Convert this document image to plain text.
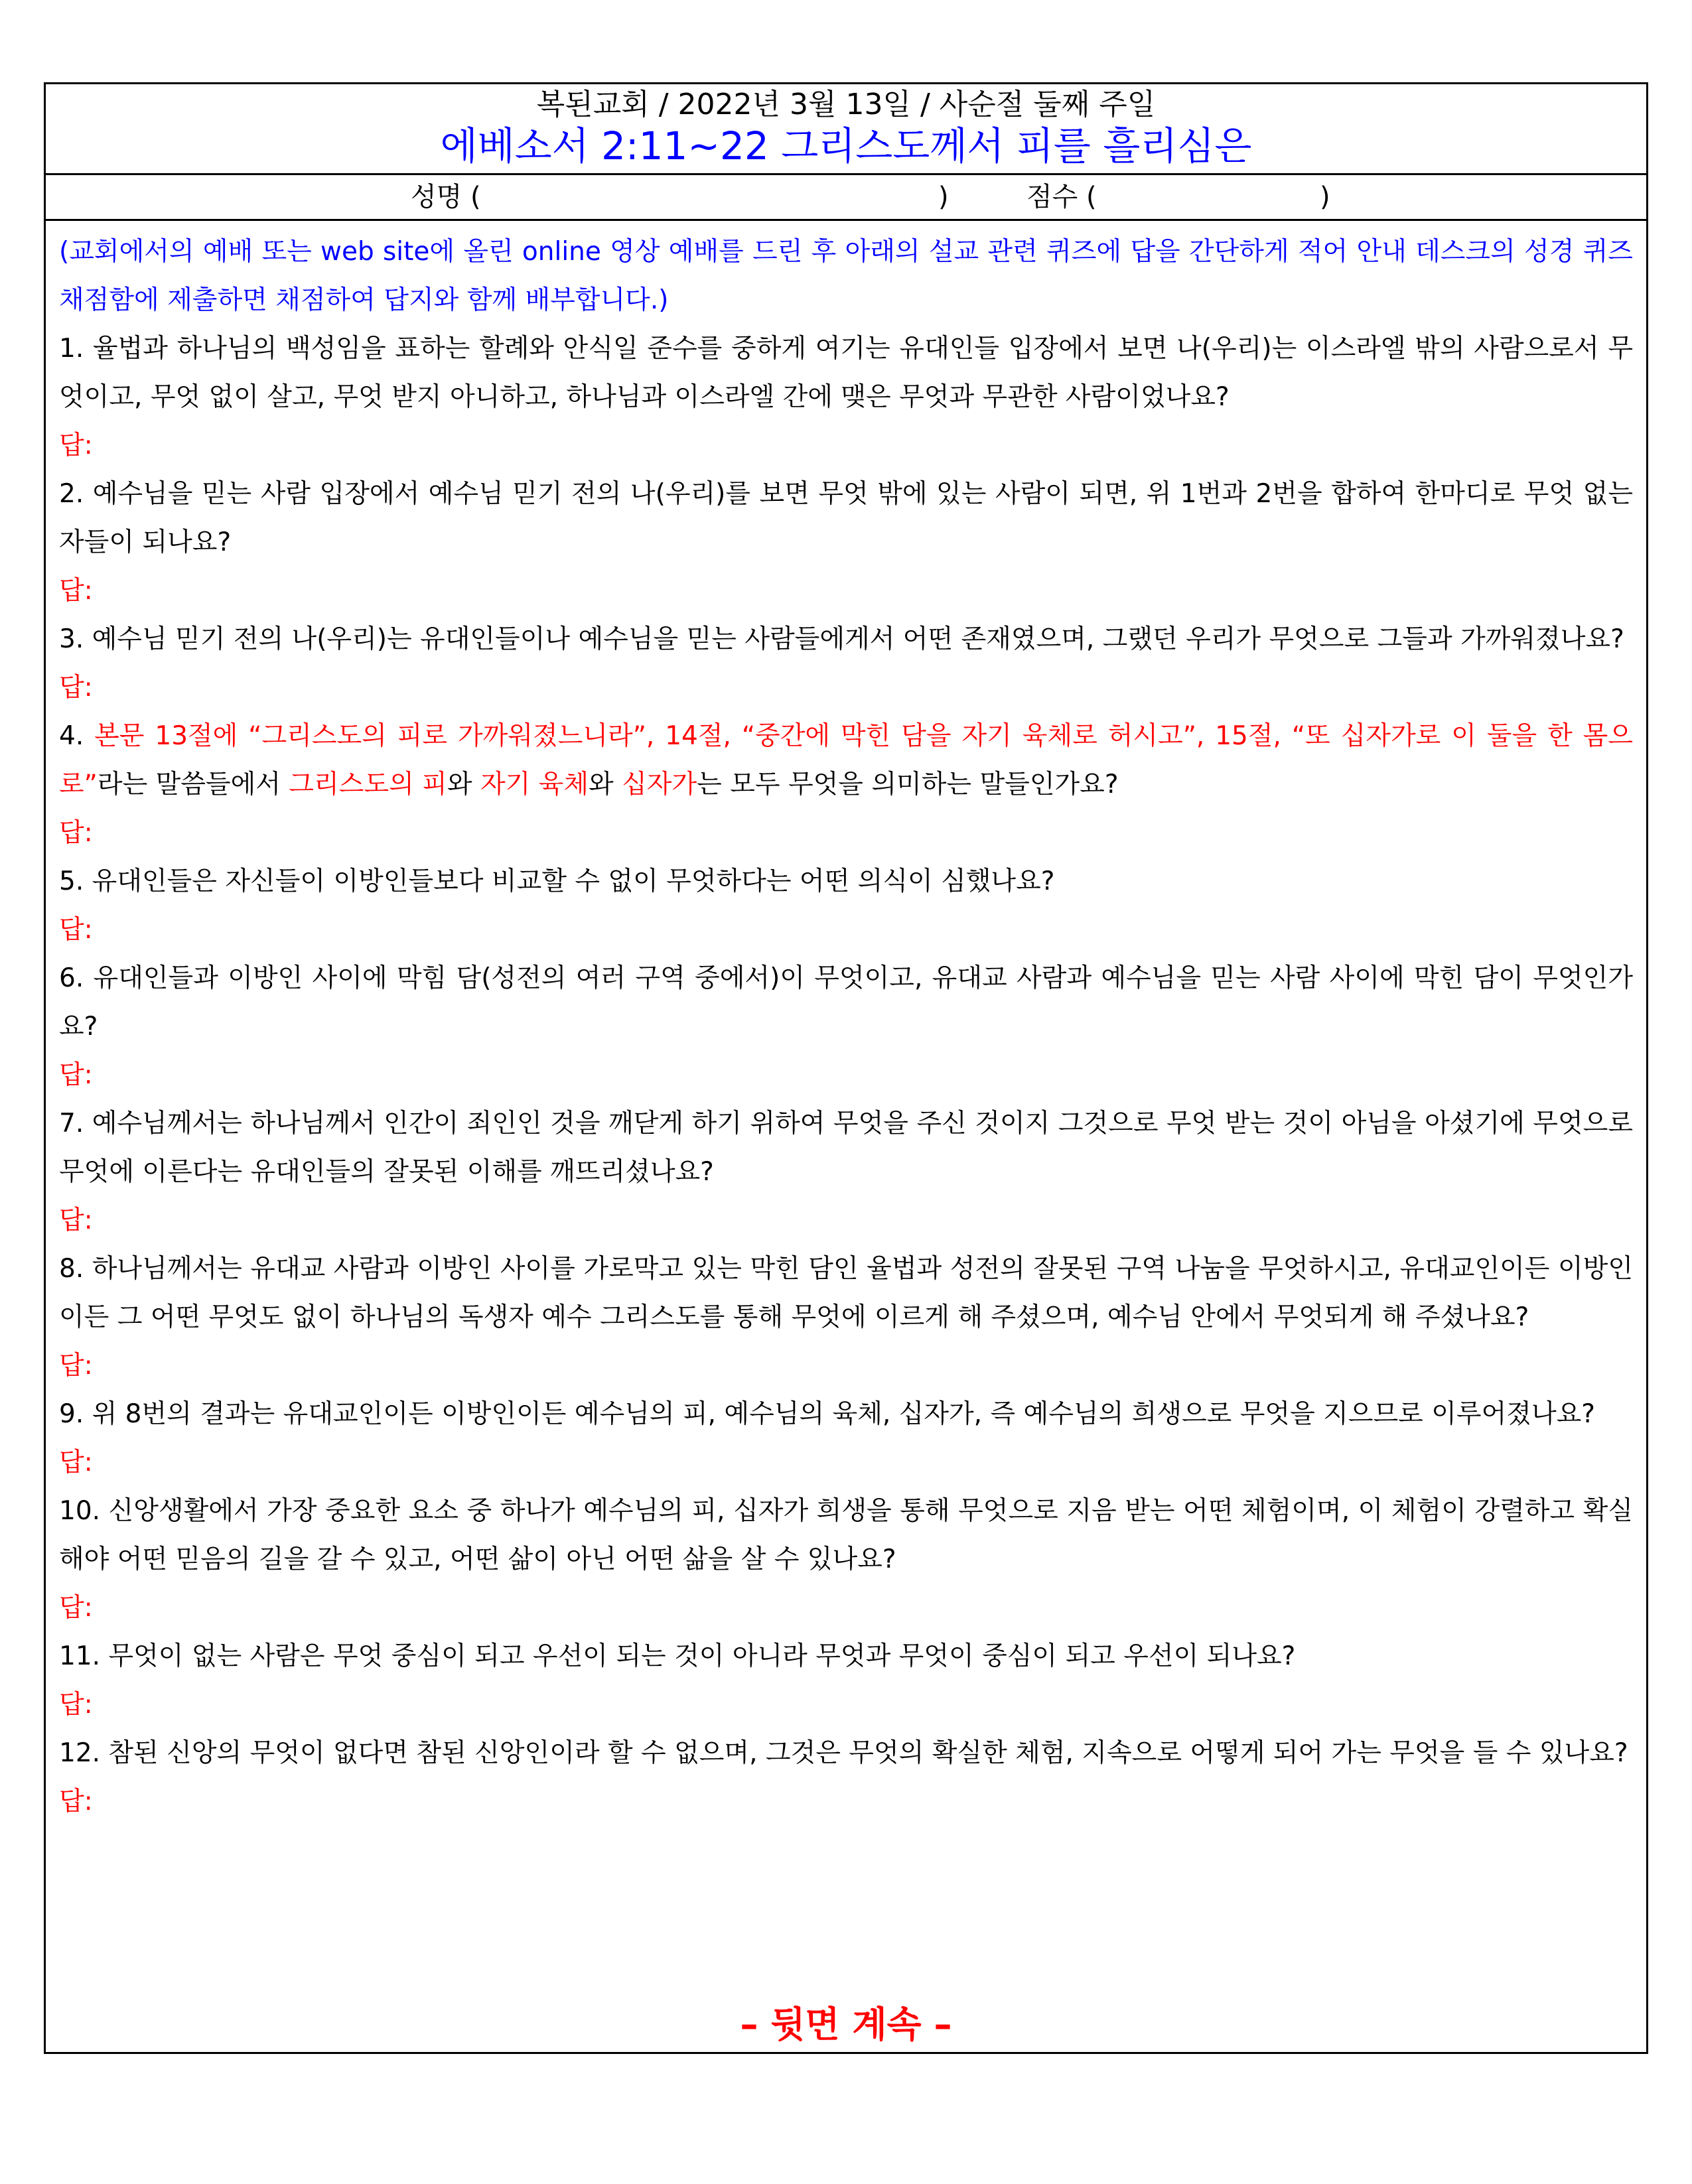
복된교회 / 2022년 3월 13일 / 사순절 둘째 주일
에베소서 2:11~22 그리스도께서 피를 흘리심은
성명 (	)	점수 (	)
(교회에서의 예배 또는 web site에 올린 online 영상 예배를 드린 후 아래의 설교 관련 퀴즈에 답을 간단하게 적어 안내 데스크의 성경 퀴즈 채점함에 제출하면 채점하여 답지와 함께 배부합니다.)
1. 율법과 하나님의 백성임을 표하는 할례와 안식일 준수를 중하게 여기는 유대인들 입장에서 보면 나(우리)는 이스라엘 밖의 사람으로서 무엇이고, 무엇 없이 살고, 무엇 받지 아니하고, 하나님과 이스라엘 간에 맺은 무엇과 무관한 사람이었나요?
답:
2. 예수님을 믿는 사람 입장에서 예수님 믿기 전의 나(우리)를 보면 무엇 밖에 있는 사람이 되면, 위 1번과 2번을 합하여 한마디로 무엇 없는 자들이 되나요?
답:
3. 예수님 믿기 전의 나(우리)는 유대인들이나 예수님을 믿는 사람들에게서 어떤 존재였으며, 그랬던 우리가 무엇으로 그들과 가까워졌나요?
답:
4. 본문 13절에 “그리스도의 피로 가까워졌느니라”, 14절, “중간에 막힌 담을 자기 육체로 허시고”, 15절, “또 십자가로 이 둘을 한 몸으로”라는 말씀들에서 그리스도의 피와 자기 육체와 십자가는 모두 무엇을 의미하는 말들인가요?
답:
5. 유대인들은 자신들이 이방인들보다 비교할 수 없이 무엇하다는 어떤 의식이 심했나요?
답:
6. 유대인들과 이방인 사이에 막힘 담(성전의 여러 구역 중에서)이 무엇이고, 유대교 사람과 예수님을 믿는 사람 사이에 막힌 담이 무엇인가요?
답:
7. 예수님께서는 하나님께서 인간이 죄인인 것을 깨닫게 하기 위하여 무엇을 주신 것이지 그것으로 무엇 받는 것이 아님을 아셨기에 무엇으로 무엇에 이른다는 유대인들의 잘못된 이해를 깨뜨리셨나요?
답:
8. 하나님께서는 유대교 사람과 이방인 사이를 가로막고 있는 막힌 담인 율법과 성전의 잘못된 구역 나눔을 무엇하시고, 유대교인이든 이방인이든 그 어떤 무엇도 없이 하나님의 독생자 예수 그리스도를 통해 무엇에 이르게 해 주셨으며, 예수님 안에서 무엇되게 해 주셨나요?
답:
9. 위 8번의 결과는 유대교인이든 이방인이든 예수님의 피, 예수님의 육체, 십자가, 즉 예수님의 희생으로 무엇을 지으므로 이루어졌나요?
답:
10. 신앙생활에서 가장 중요한 요소 중 하나가 예수님의 피, 십자가 희생을 통해 무엇으로 지음 받는 어떤 체험이며, 이 체험이 강렬하고 확실해야 어떤 믿음의 길을 갈 수 있고, 어떤 삶이 아닌 어떤 삶을 살 수 있나요?
답:
11. 무엇이 없는 사람은 무엇 중심이 되고 우선이 되는 것이 아니라 무엇과 무엇이 중심이 되고 우선이 되나요?
답:
12. 참된 신앙의 무엇이 없다면 참된 신앙인이라 할 수 없으며, 그것은 무엇의 확실한 체험, 지속으로 어떻게 되어 가는 무엇을 들 수 있나요?
답:
– 뒷면 계속 –
